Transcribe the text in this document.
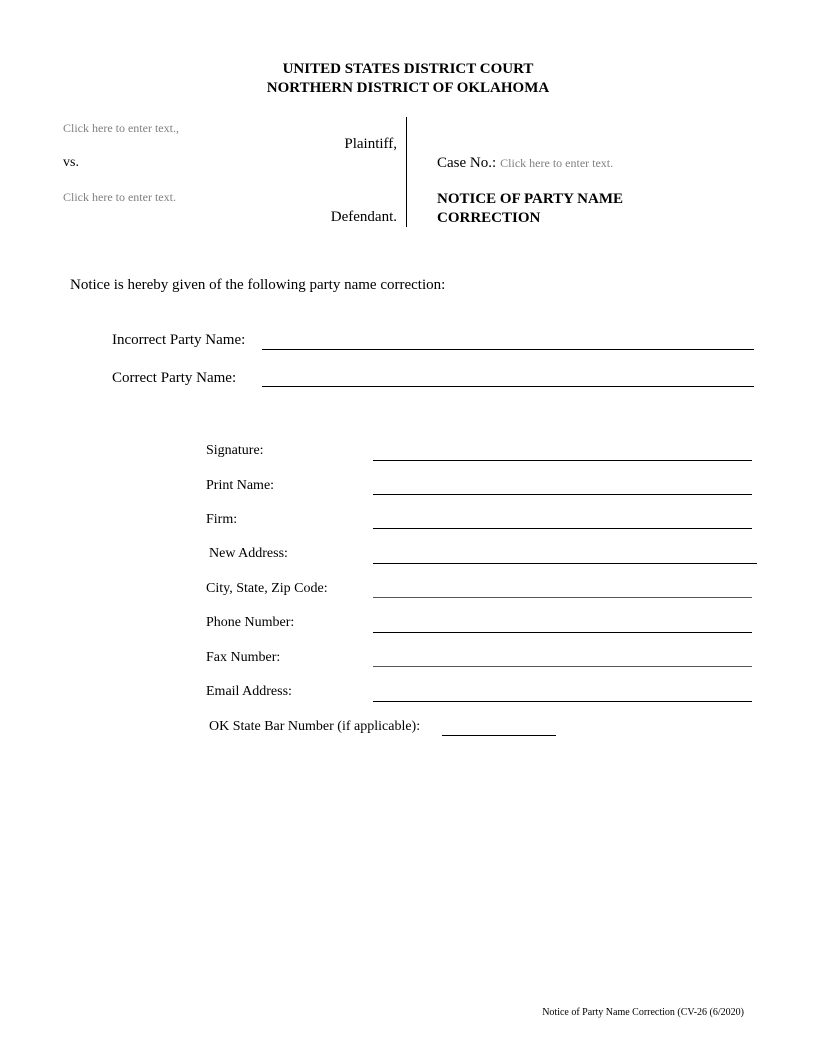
UNITED STATES DISTRICT COURT
NORTHERN DISTRICT OF OKLAHOMA
Click here to enter text.,
Plaintiff,
vs.
Click here to enter text.
Defendant.
Case No.: Click here to enter text.
NOTICE OF PARTY NAME
CORRECTION
Notice is hereby given of the following party name correction:
Incorrect Party Name:
Correct Party Name:
Signature:
Print Name:
Firm:
New Address:
City, State, Zip Code:
Phone Number:
Fax Number:
Email Address:
OK State Bar Number (if applicable):
Notice of Party Name Correction (CV-26 (6/2020)
